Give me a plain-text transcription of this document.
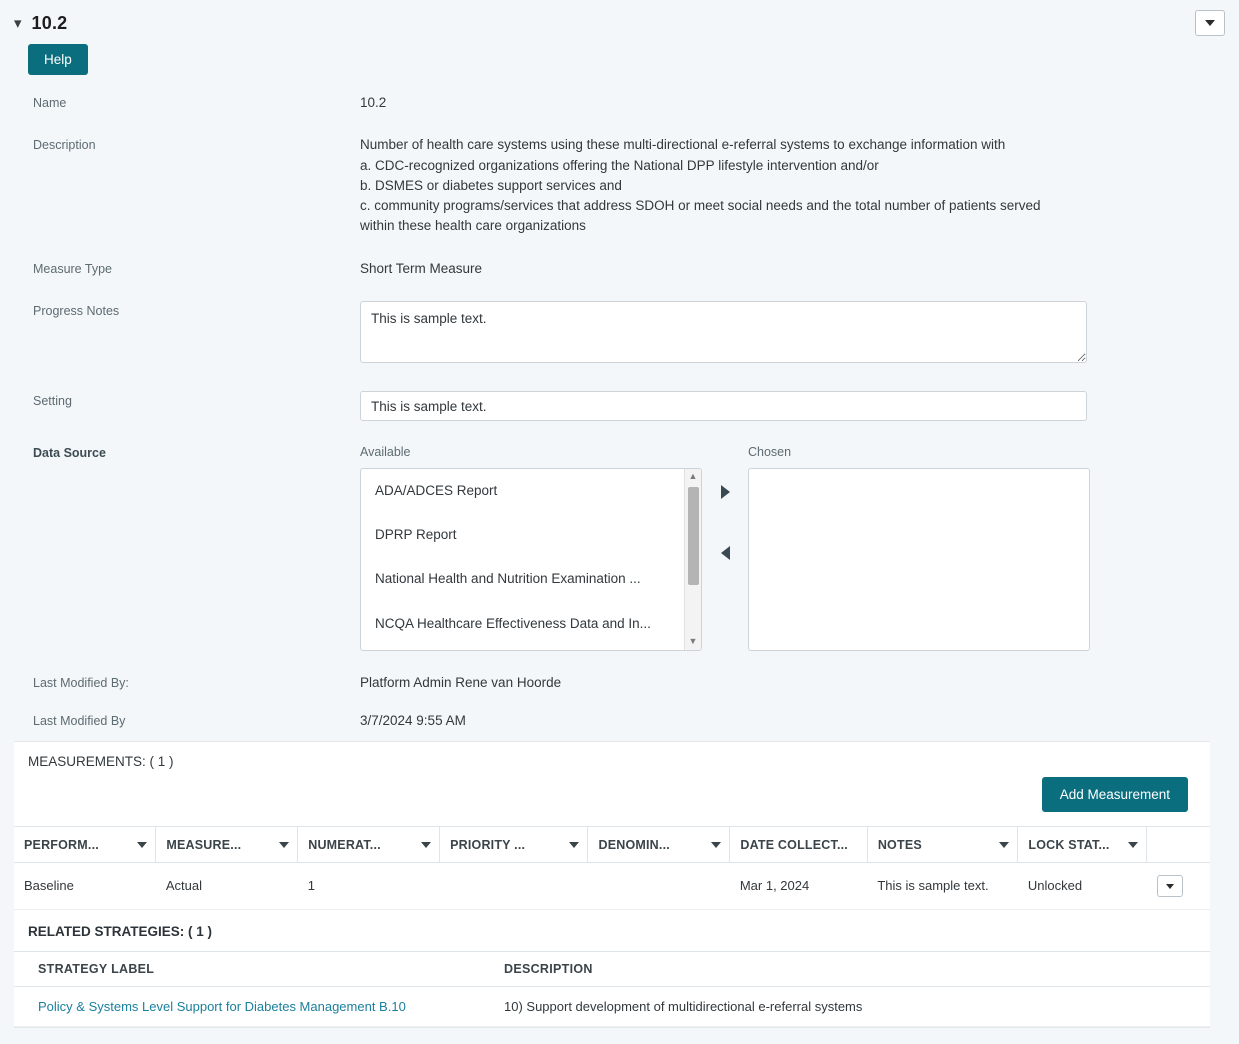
▾ 10.2
Help
Name	10.2
Description	Number of health care systems using these multi-directional e-referral systems to exchange information with
a. CDC-recognized organizations offering the National DPP lifestyle intervention and/or
b. DSMES or diabetes support services and
c. community programs/services that address SDOH or meet social needs and the total number of patients served
within these health care organizations
Measure Type	Short Term Measure
Progress Notes
This is sample text.
Setting
This is sample text.
Data Source	Available
ADA/ADCES Report
DPRP Report
National Health and Nutrition Examination ...
NCQA Healthcare Effectiveness Data and In...
▲
▼
Chosen
Last Modified By:	Platform Admin Rene van Hoorde
Last Modified By	3/7/2024 9:55 AM
MEASUREMENTS: ( 1 )
Add Measurement
PERFORM...	MEASURE...	NUMERAT...	PRIORITY ...	DENOMIN...	DATE COLLECT...	NOTES	LOCK STAT...

Baseline	Actual	1			Mar 1, 2024	This is sample text.	Unlocked	
RELATED STRATEGIES: ( 1 )
STRATEGY LABEL	DESCRIPTION
Policy & Systems Level Support for Diabetes Management B.10	10) Support development of multidirectional e-referral systems
